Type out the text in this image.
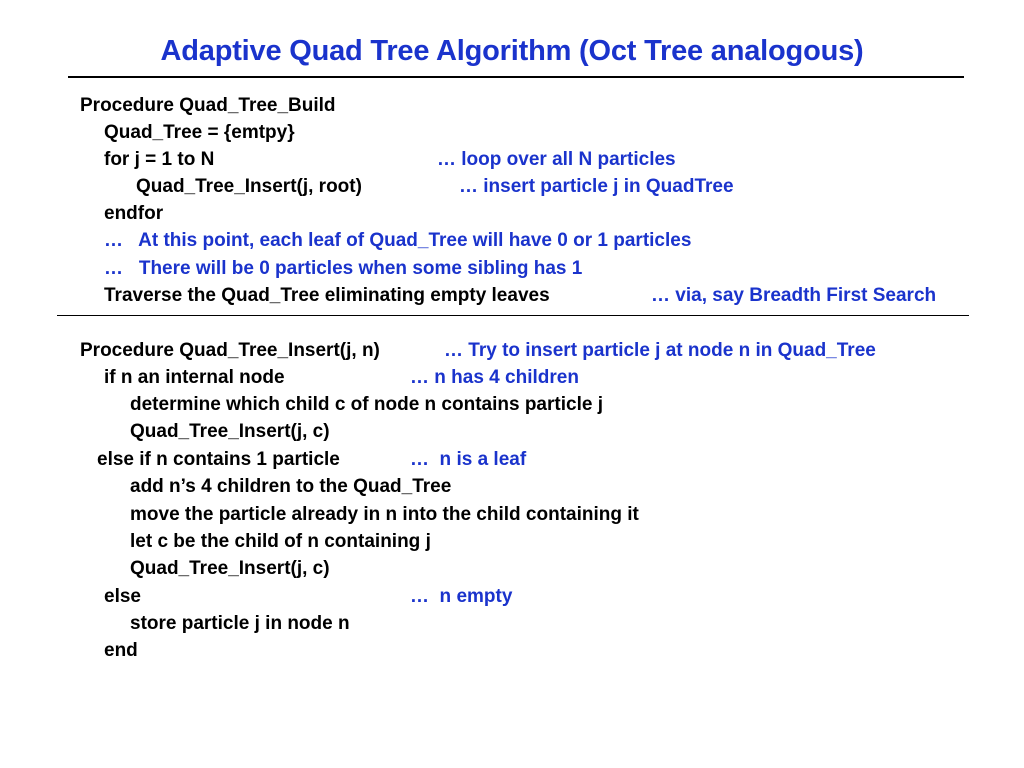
Adaptive Quad Tree Algorithm (Oct Tree analogous)
Procedure Quad_Tree_Build
Quad_Tree = {emtpy}
for j = 1 to N	… loop over all N particles
Quad_Tree_Insert(j, root)	… insert particle j in QuadTree
endfor
…   At this point, each leaf of Quad_Tree will have 0 or 1 particles
…   There will be 0 particles when some sibling has 1
Traverse the Quad_Tree eliminating empty leaves	… via, say Breadth First Search
Procedure Quad_Tree_Insert(j, n)	… Try to insert particle j at node n in Quad_Tree
if n an internal node	… n has 4 children
determine which child c of node n contains particle j
Quad_Tree_Insert(j, c)
else if n contains 1 particle	…  n is a leaf
add n’s 4 children to the Quad_Tree
move the particle already in n into the child containing it
let c be the child of n containing j
Quad_Tree_Insert(j, c)
else	…  n empty
store particle j in node n
end
